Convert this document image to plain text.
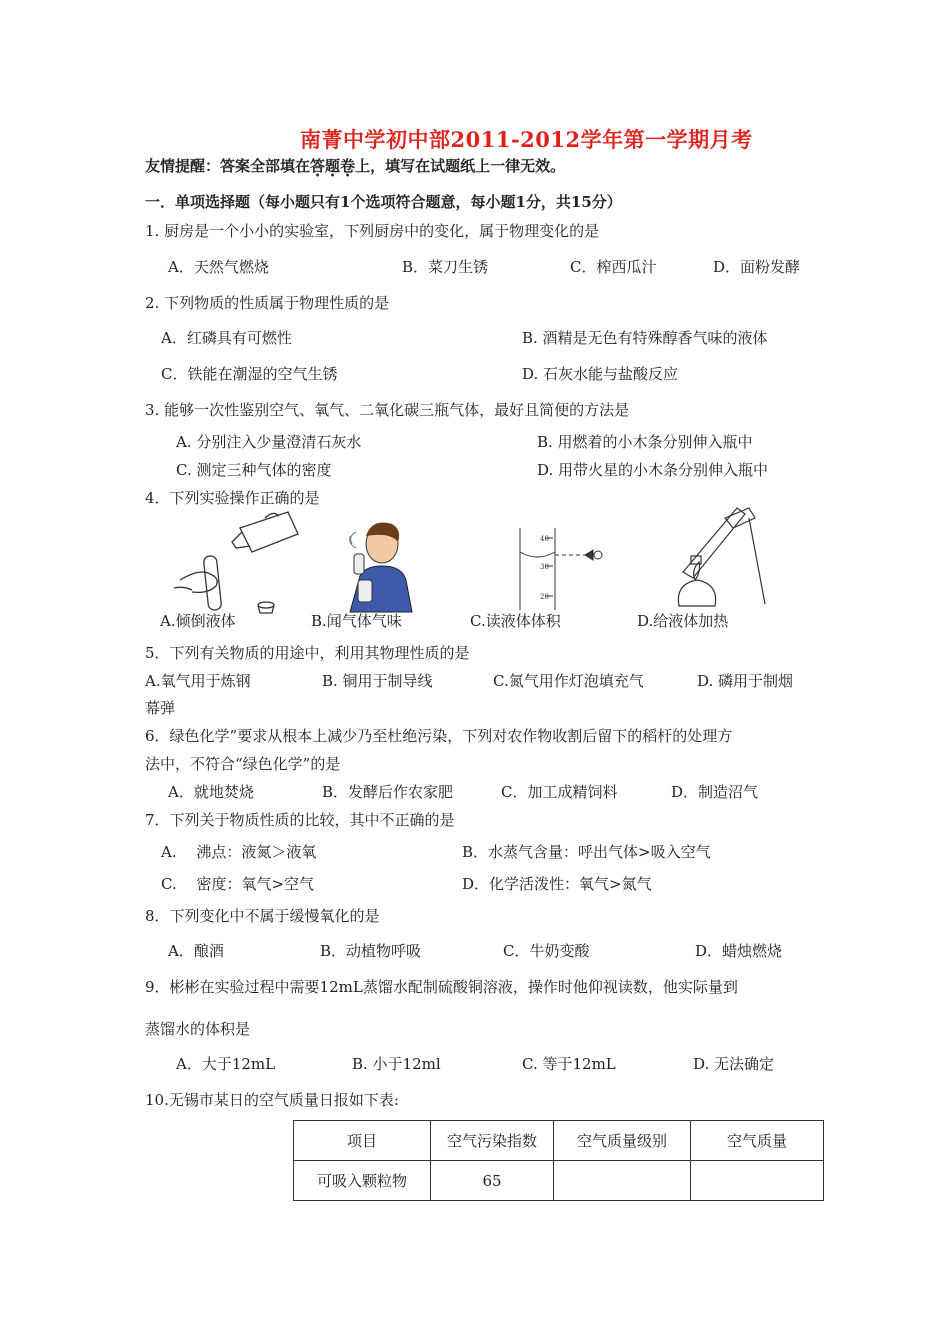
南菁中学初中部2011-2012学年第一学期月考
友情提醒：答案全部填在答题卷上，填写在试题纸上一律无效。
一．单项选择题（每小题只有1个选项符合题意，每小题1分，共15分）
1. 厨房是一个小小的实验室，下列厨房中的变化，属于物理变化的是
A．天然气燃烧	B．菜刀生锈	C．榨西瓜汁	D．面粉发酵
2. 下列物质的性质属于物理性质的是
A．红磷具有可燃性	B. 酒精是无色有特殊醇香气味的液体
C．铁能在潮湿的空气生锈	D. 石灰水能与盐酸反应
3. 能够一次性鉴别空气、氧气、二氧化碳三瓶气体，最好且简便的方法是
A. 分别注入少量澄清石灰水	B. 用燃着的小木条分别伸入瓶中
C. 测定三种气体的密度	D. 用带火星的小木条分别伸入瓶中
4．下列实验操作正确的是
40
30
20
A.倾倒液体	B.闻气体气味	C.读液体体积	D.给液体加热
5．下列有关物质的用途中，利用其物理性质的是
A.氧气用于炼钢	B. 铜用于制导线	C.氮气用作灯泡填充气	D. 磷用于制烟
幕弹
6．绿色化学”要求从根本上减少乃至杜绝污染，下列对农作物收割后留下的稻杆的处理方
法中，不符合“绿色化学”的是
A．就地焚烧	B．发酵后作农家肥	C．加工成精饲料	D．制造沼气
7．下列关于物质性质的比较，其中不正确的是
A.　 沸点：液氮＞液氧	B．水蒸气含量：呼出气体>吸入空气
C.　 密度：氧气>空气	D．化学活泼性：氧气>氮气
8．下列变化中不属于缓慢氧化的是
A．酿酒	B．动植物呼吸	C．牛奶变酸	D．蜡烛燃烧
9．彬彬在实验过程中需要12mL蒸馏水配制硫酸铜溶液，操作时他仰视读数，他实际量到
蒸馏水的体积是
A．大于12mL	B. 小于12ml	C. 等于12mL	D. 无法确定
10.无锡市某日的空气质量日报如下表:
项目	空气污染指数	空气质量级别	空气质量
可吸入颗粒物	65		
